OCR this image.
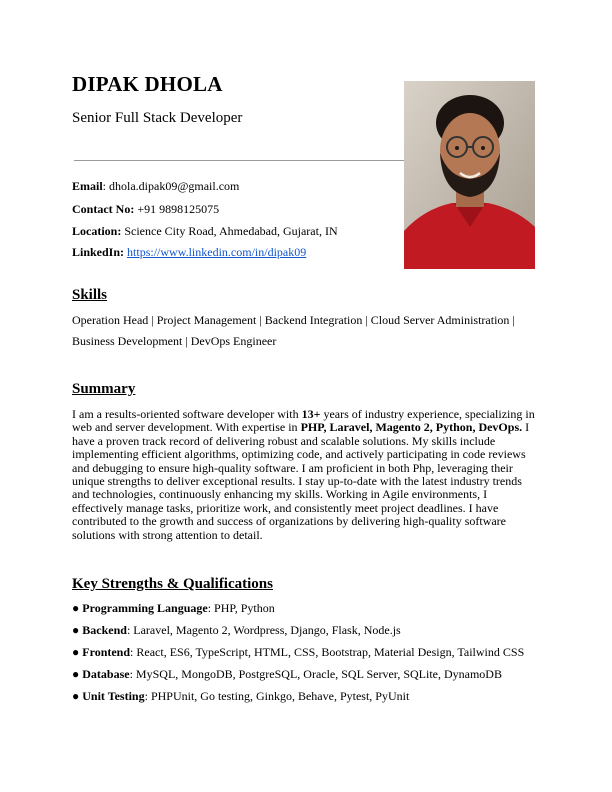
DIPAK DHOLA
Senior Full Stack Developer
Email: dhola.dipak09@gmail.com
Contact No: +91 9898125075
Location: Science City Road, Ahmedabad, Gujarat, IN
LinkedIn: https://www.linkedin.com/in/dipak09
Skills
Operation Head | Project Management | Backend Integration | Cloud Server Administration |
Business Development | DevOps Engineer
Summary
I am a results-oriented software developer with 13+ years of industry experience, specializing in web and server development. With expertise in PHP, Laravel, Magento 2, Python, DevOps. I have a proven track record of delivering robust and scalable solutions. My skills include implementing efficient algorithms, optimizing code, and actively participating in code reviews and debugging to ensure high-quality software. I am proficient in both Php, leveraging their unique strengths to deliver exceptional results. I stay up-to-date with the latest industry trends and technologies, continuously enhancing my skills. Working in Agile environments, I effectively manage tasks, prioritize work, and consistently meet project deadlines. I have contributed to the growth and success of organizations by delivering high-quality software solutions with strong attention to detail.
Key Strengths & Qualifications
● Programming Language: PHP, Python
● Backend: Laravel, Magento 2, Wordpress, Django, Flask, Node.js
● Frontend: React, ES6, TypeScript, HTML, CSS, Bootstrap, Material Design, Tailwind CSS
● Database: MySQL, MongoDB, PostgreSQL, Oracle, SQL Server, SQLite, DynamoDB
● Unit Testing: PHPUnit, Go testing, Ginkgo, Behave, Pytest, PyUnit
